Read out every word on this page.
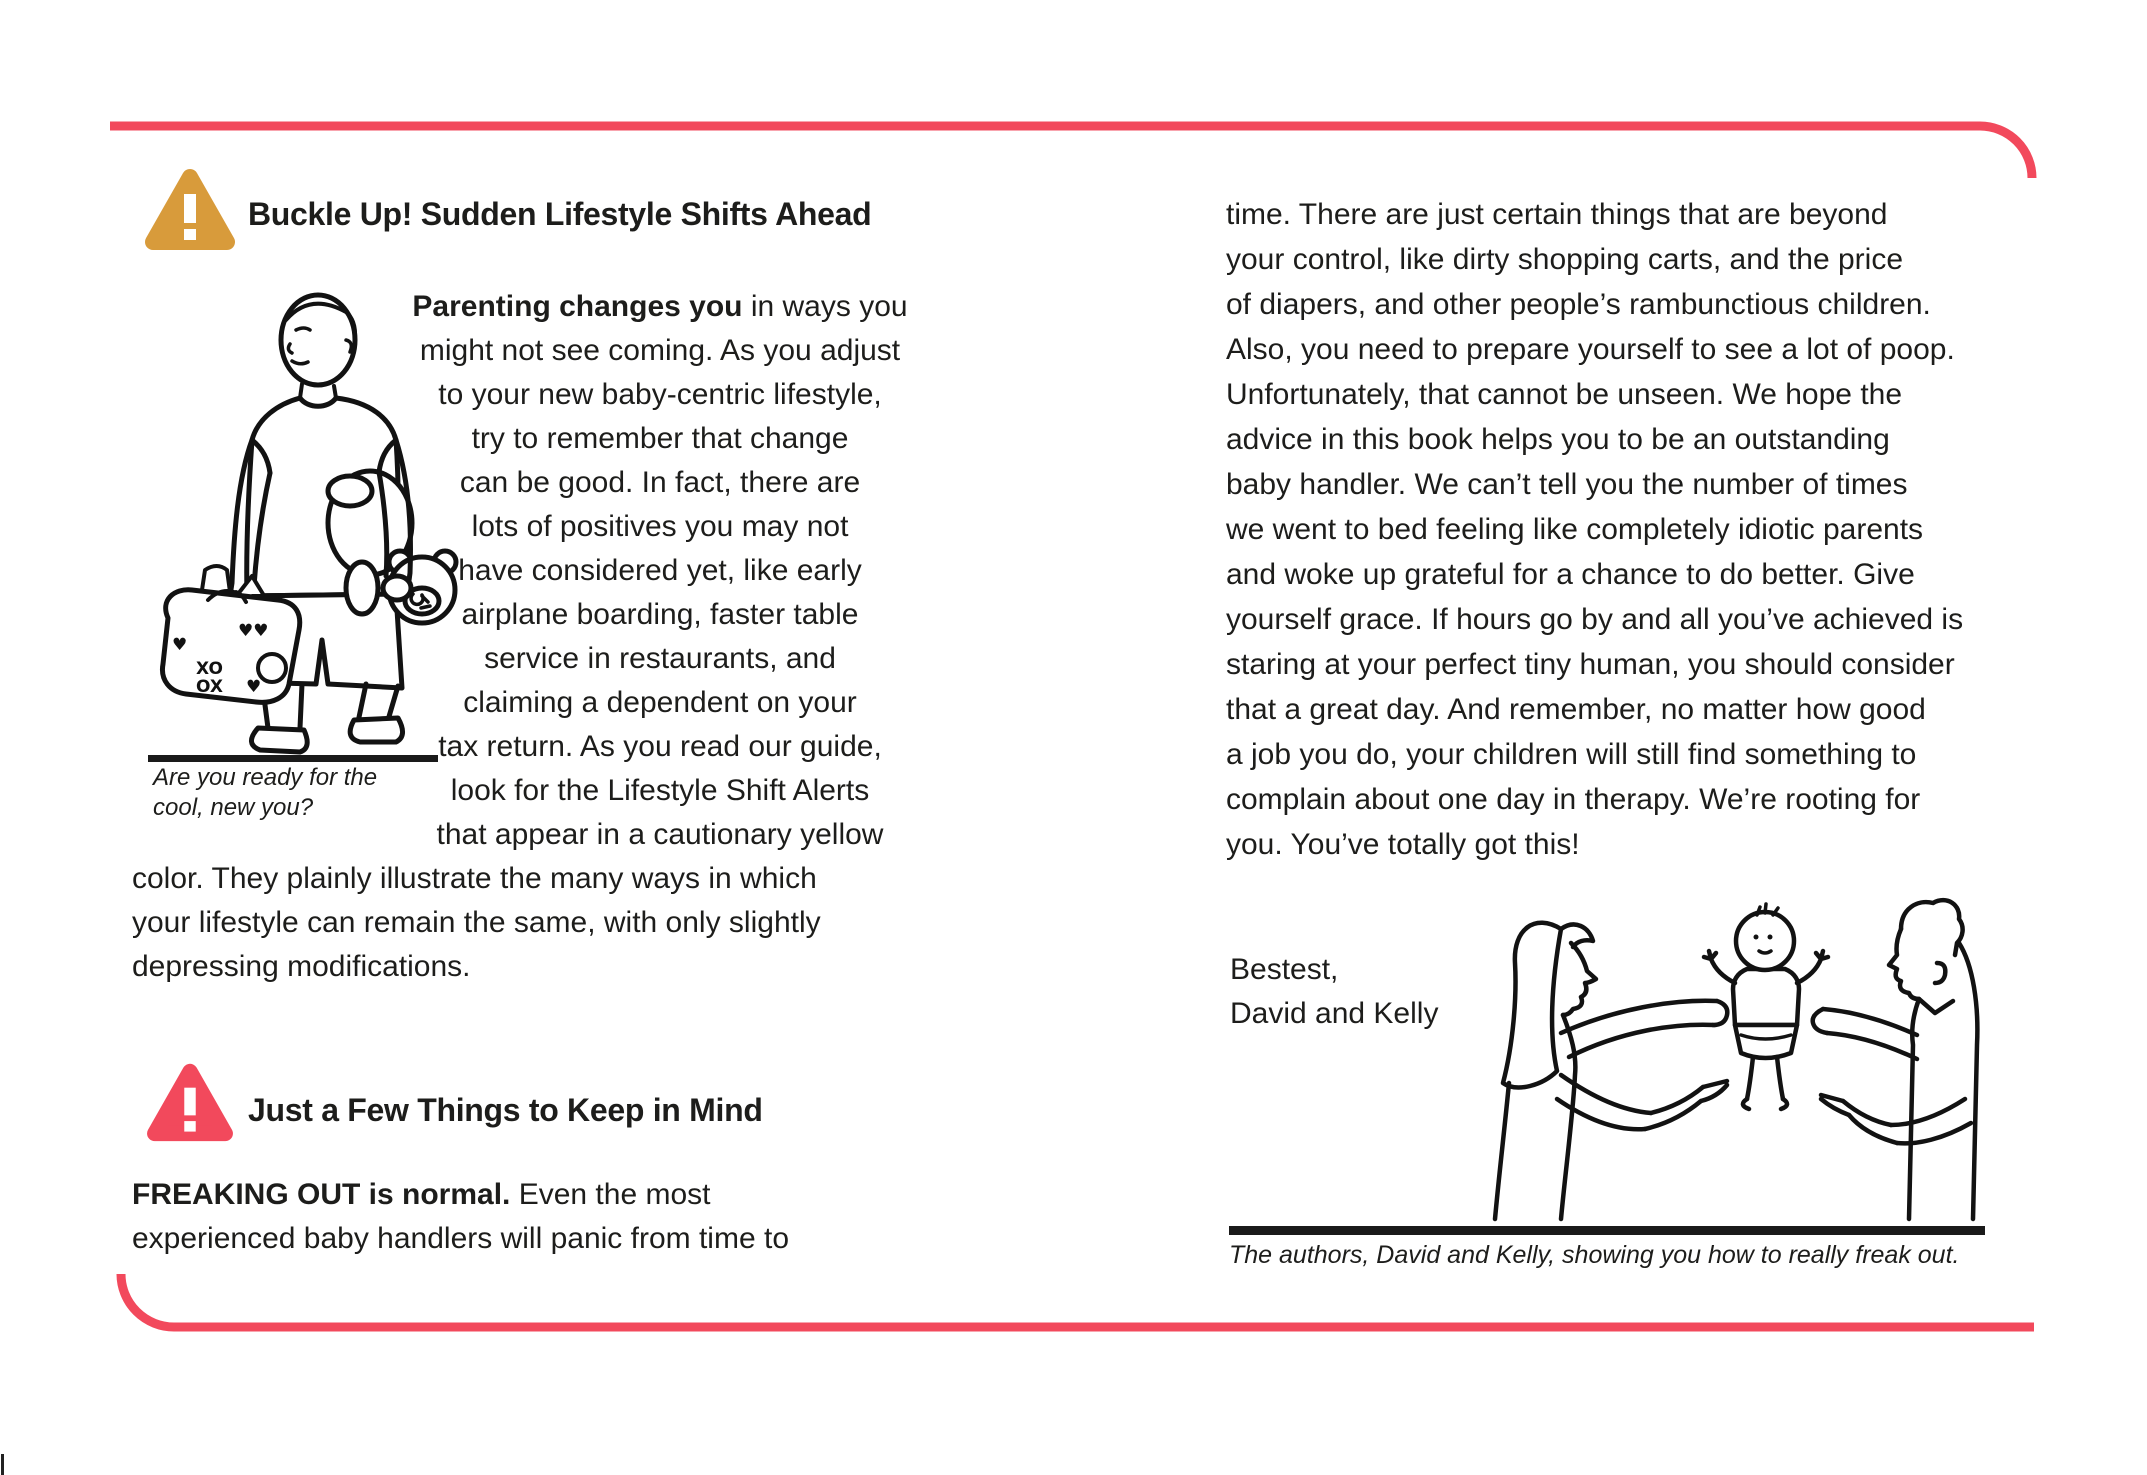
Buckle Up! Sudden Lifestyle Shifts Ahead
♥
XO
OX
♥♥
♥
Are you ready for the
cool, new you?
Parenting changes you in ways you
might not see coming. As you adjust
to your new baby-centric lifestyle,
try to remember that change
can be good. In fact, there are
lots of positives you may not
have considered yet, like early
airplane boarding, faster table
service in restaurants, and
claiming a dependent on your
tax return. As you read our guide,
look for the Lifestyle Shift Alerts
that appear in a cautionary yellow
color. They plainly illustrate the many ways in which
your lifestyle can remain the same, with only slightly
depressing modifications.
Just a Few Things to Keep in Mind
FREAKING OUT is normal. Even the most
experienced baby handlers will panic from time to
time. There are just certain things that are beyond
your control, like dirty shopping carts, and the price
of diapers, and other people’s rambunctious children.
Also, you need to prepare yourself to see a lot of poop.
Unfortunately, that cannot be unseen. We hope the
advice in this book helps you to be an outstanding
baby handler. We can’t tell you the number of times
we went to bed feeling like completely idiotic parents
and woke up grateful for a chance to do better. Give
yourself grace. If hours go by and all you’ve achieved is
staring at your perfect tiny human, you should consider
that a great day. And remember, no matter how good
a job you do, your children will still find something to
complain about one day in therapy. We’re rooting for
you. You’ve totally got this!
Bestest,
David and Kelly
The authors, David and Kelly, showing you how to really freak out.
